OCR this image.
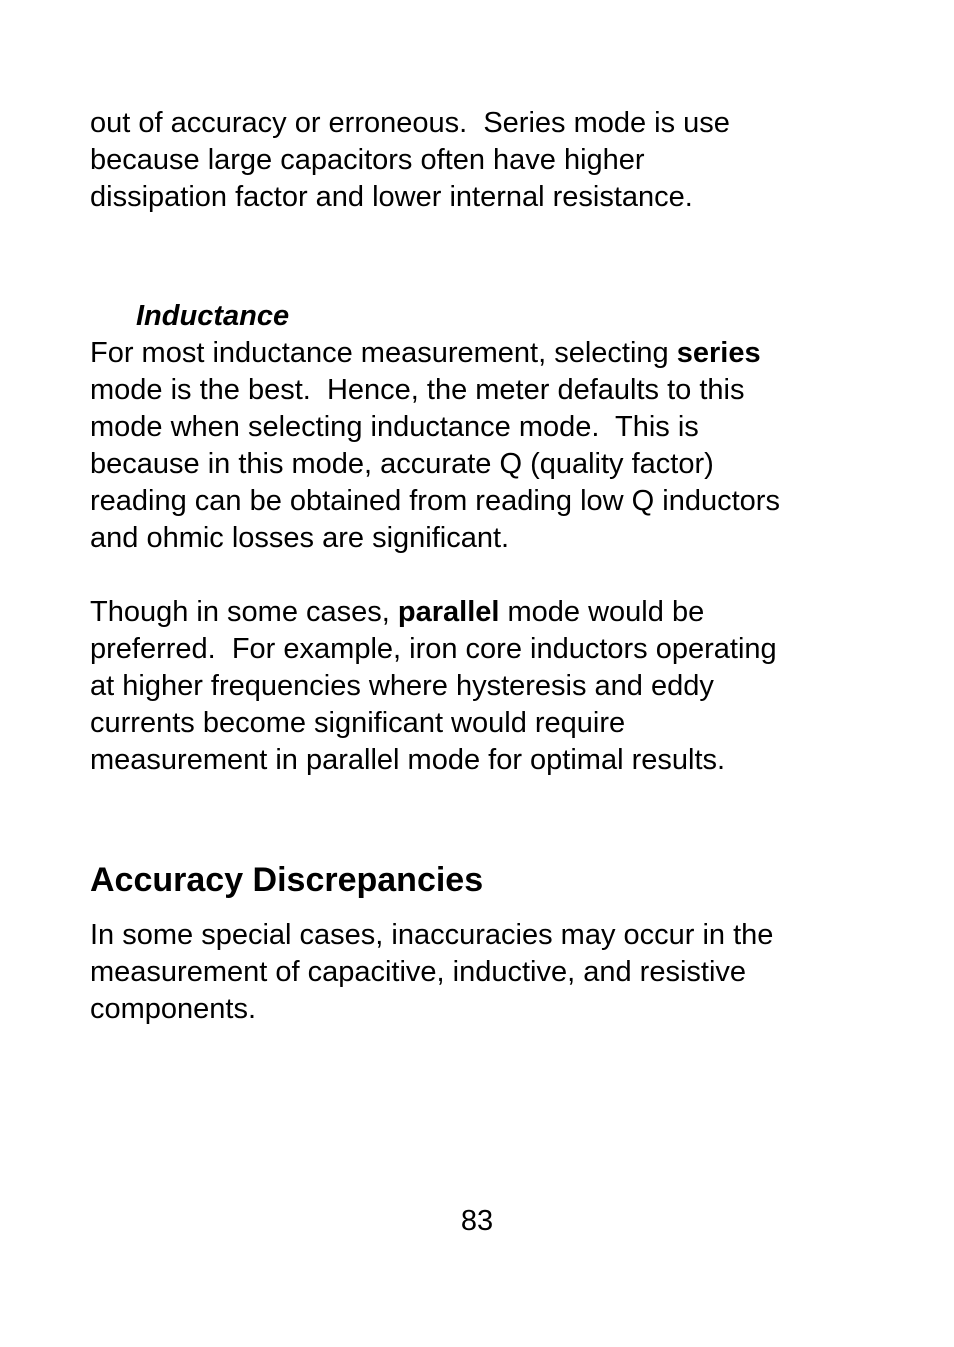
out of accuracy or erroneous.  Series mode is use
because large capacitors often have higher
dissipation factor and lower internal resistance.

Inductance

For most inductance measurement, selecting series
mode is the best.  Hence, the meter defaults to this
mode when selecting inductance mode.  This is
because in this mode, accurate Q (quality factor)
reading can be obtained from reading low Q inductors
and ohmic losses are significant.

Though in some cases, parallel mode would be
preferred.  For example, iron core inductors operating
at higher frequencies where hysteresis and eddy
currents become significant would require
measurement in parallel mode for optimal results.

Accuracy Discrepancies

In some special cases, inaccuracies may occur in the
measurement of capacitive, inductive, and resistive
components.

83
